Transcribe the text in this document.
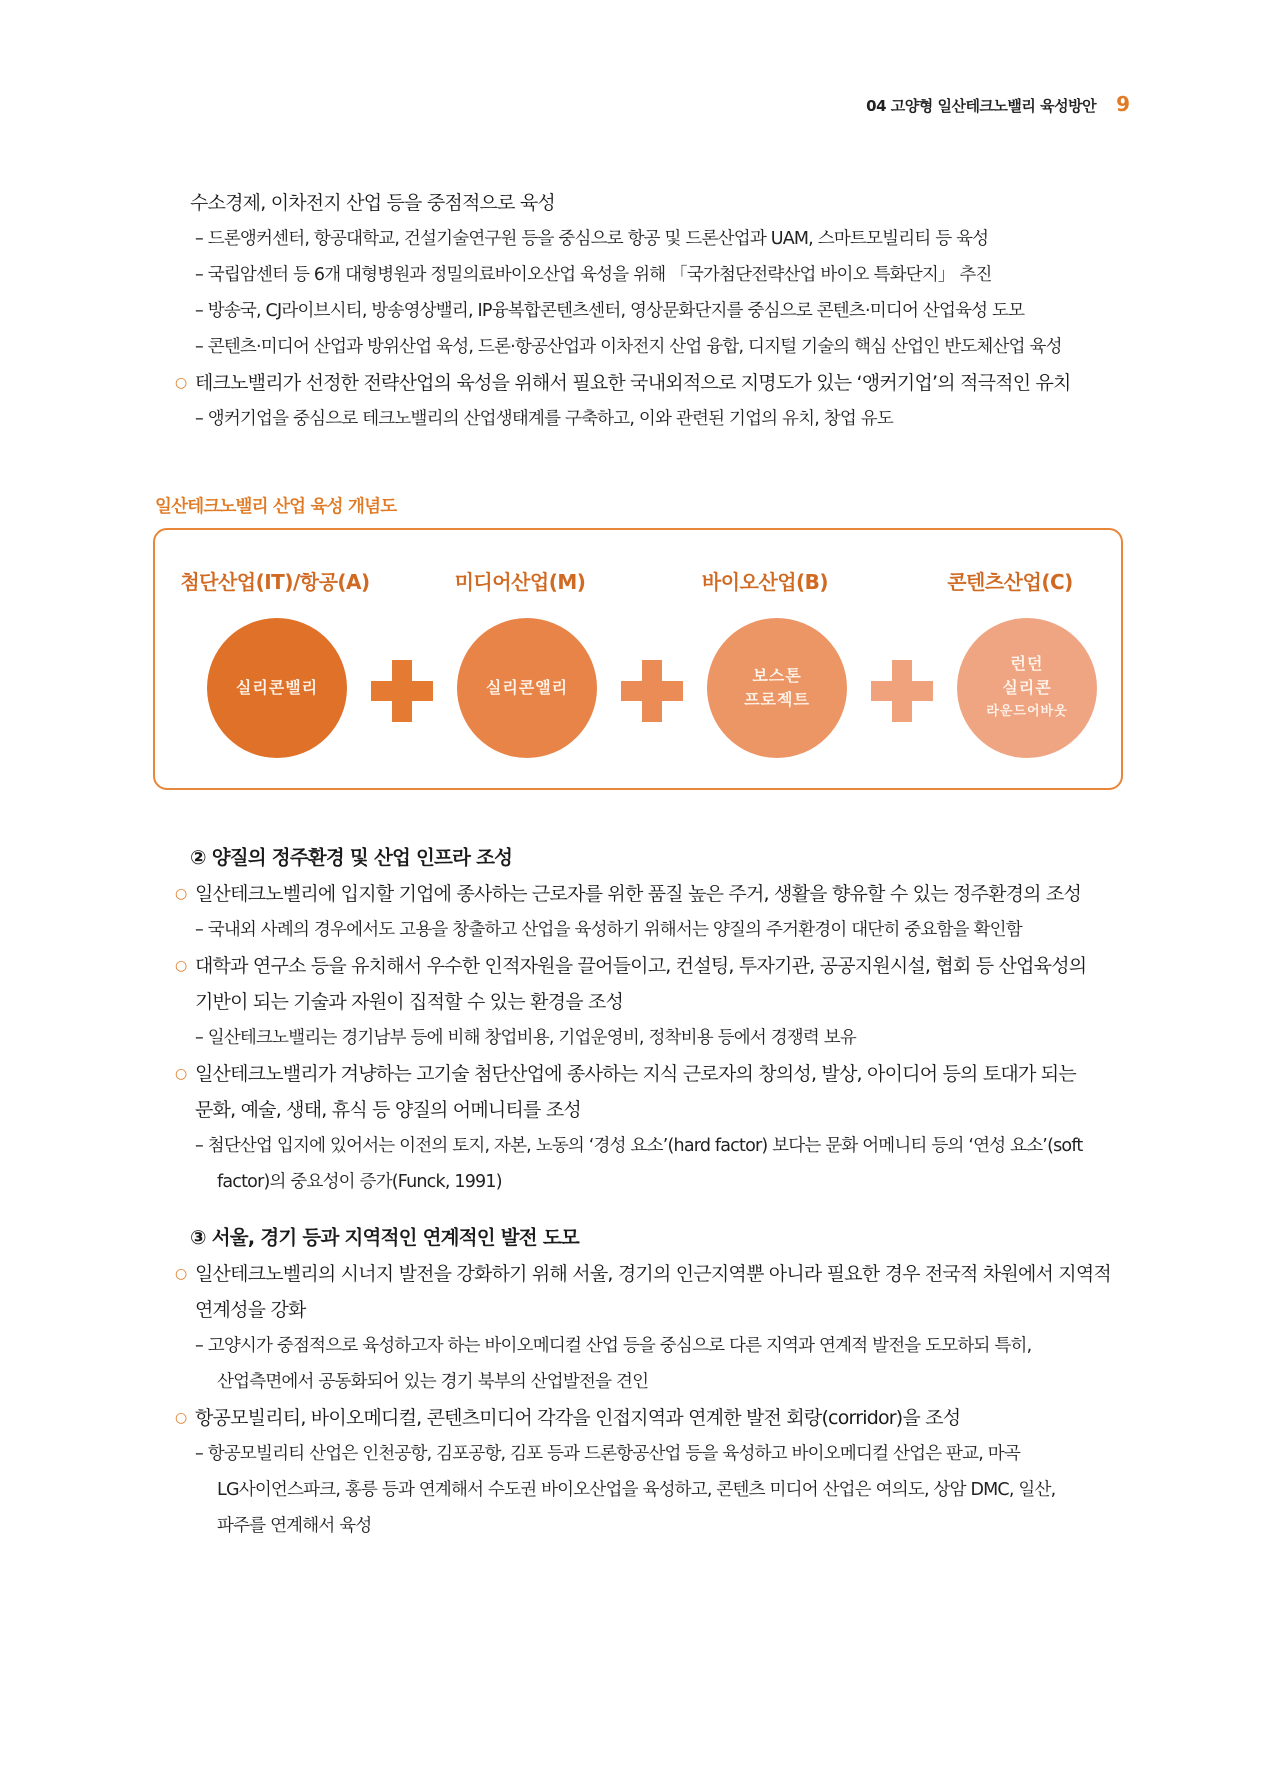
04 고양형 일산테크노밸리 육성방안 9
수소경제, 이차전지 산업 등을 중점적으로 육성
– 드론앵커센터, 항공대학교, 건설기술연구원 등을 중심으로 항공 및 드론산업과 UAM, 스마트모빌리티 등 육성
– 국립암센터 등 6개 대형병원과 정밀의료바이오산업 육성을 위해 「국가첨단전략산업 바이오 특화단지」 추진
– 방송국, CJ라이브시티, 방송영상밸리, IP융복합콘텐츠센터, 영상문화단지를 중심으로 콘텐츠·미디어 산업육성 도모
– 콘텐츠·미디어 산업과 방위산업 육성, 드론·항공산업과 이차전지 산업 융합, 디지털 기술의 핵심 산업인 반도체산업 육성
○ 테크노밸리가 선정한 전략산업의 육성을 위해서 필요한 국내외적으로 지명도가 있는 ‘앵커기업’의 적극적인 유치
– 앵커기업을 중심으로 테크노밸리의 산업생태계를 구축하고, 이와 관련된 기업의 유치, 창업 유도
일산테크노밸리 산업 육성 개념도
첨단산업(IT)/항공(A)	미디어산업(M)	바이오산업(B)	콘텐츠산업(C)
실리콘밸리	실리콘앨리
보스톤
프로젝트
런던
실리콘
라운드어바웃
② 양질의 정주환경 및 산업 인프라 조성
○ 일산테크노벨리에 입지할 기업에 종사하는 근로자를 위한 품질 높은 주거, 생활을 향유할 수 있는 정주환경의 조성
– 국내외 사례의 경우에서도 고용을 창출하고 산업을 육성하기 위해서는 양질의 주거환경이 대단히 중요함을 확인함
○ 대학과 연구소 등을 유치해서 우수한 인적자원을 끌어들이고, 컨설팅, 투자기관, 공공지원시설, 협회 등 산업육성의
기반이 되는 기술과 자원이 집적할 수 있는 환경을 조성
– 일산테크노밸리는 경기남부 등에 비해 창업비용, 기업운영비, 정착비용 등에서 경쟁력 보유
○ 일산테크노밸리가 겨냥하는 고기술 첨단산업에 종사하는 지식 근로자의 창의성, 발상, 아이디어 등의 토대가 되는
문화, 예술, 생태, 휴식 등 양질의 어메니티를 조성
– 첨단산업 입지에 있어서는 이전의 토지, 자본, 노동의 ‘경성 요소’(hard factor) 보다는 문화 어메니티 등의 ‘연성 요소’(soft
factor)의 중요성이 증가(Funck, 1991)
③ 서울, 경기 등과 지역적인 연계적인 발전 도모
○ 일산테크노벨리의 시너지 발전을 강화하기 위해 서울, 경기의 인근지역뿐 아니라 필요한 경우 전국적 차원에서 지역적
연계성을 강화
– 고양시가 중점적으로 육성하고자 하는 바이오메디컬 산업 등을 중심으로 다른 지역과 연계적 발전을 도모하되 특히,
산업측면에서 공동화되어 있는 경기 북부의 산업발전을 견인
○ 항공모빌리티, 바이오메디컬, 콘텐츠미디어 각각을 인접지역과 연계한 발전 회랑(corridor)을 조성
– 항공모빌리티 산업은 인천공항, 김포공항, 김포 등과 드론항공산업 등을 육성하고 바이오메디컬 산업은 판교, 마곡
LG사이언스파크, 홍릉 등과 연계해서 수도권 바이오산업을 육성하고, 콘텐츠 미디어 산업은 여의도, 상암 DMC, 일산,
파주를 연계해서 육성
